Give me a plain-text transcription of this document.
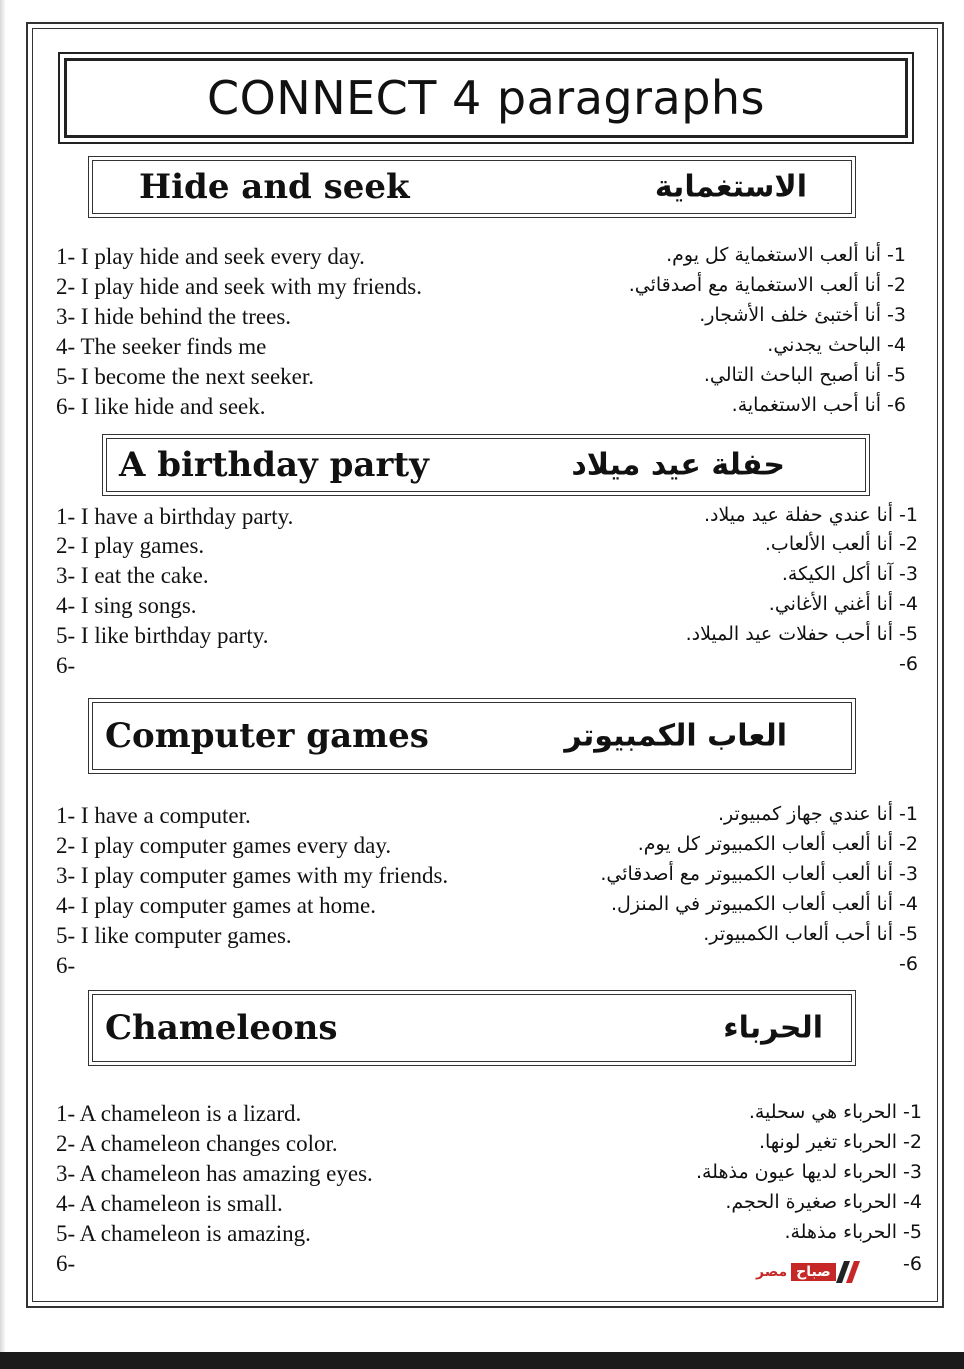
CONNECT 4 paragraphs
Hide and seek	الاستغماية
1- I play hide and seek every day.	1- أنا ألعب الاستغماية كل يوم.
2- I play hide and seek with my friends.	2- أنا ألعب الاستغماية مع أصدقائي.
3- I hide behind the trees.	3- أنا أختبئ خلف الأشجار.
4- The seeker finds me	4- الباحث يجدني.
5- I become the next seeker.	5- أنا أصبح الباحث التالي.
6- I like hide and seek.	6- أنا أحب الاستغماية.
A birthday party	حفلة عيد ميلاد
1- I have a birthday party.	1- أنا عندي حفلة عيد ميلاد.
2- I play games.	2- أنا ألعب الألعاب.
3- I eat the cake.	3- آنا أكل الكيكة.
4- I sing songs.	4- أنا أغني الأغاني.
5- I like birthday party.	5- أنا أحب حفلات عيد الميلاد.
6-	6-
Computer games	العاب الكمبيوتر
1- I have a computer.	1- أنا عندي جهاز كمبيوتر.
2- I play computer games every day.	2- أنا ألعب ألعاب الكمبيوتر كل يوم.
3- I play computer games with my friends.	3- أنا ألعب ألعاب الكمبيوتر مع أصدقائي.
4- I play computer games at home.	4- أنا ألعب ألعاب الكمبيوتر في المنزل.
5- I like computer games.	5- أنا أحب ألعاب الكمبيوتر.
6-	6-
Chameleons	الحرباء
1- A chameleon is a lizard.	1- الحرباء هي سحلية.
2- A chameleon changes color.	2- الحرباء تغير لونها.
3- A chameleon has amazing eyes.	3- الحرباء لديها عيون مذهلة.
4- A chameleon is small.	4- الحرباء صغيرة الحجم.
5- A chameleon is amazing.	5- الحرباء مذهلة.
6-	6-
مصر صباح
